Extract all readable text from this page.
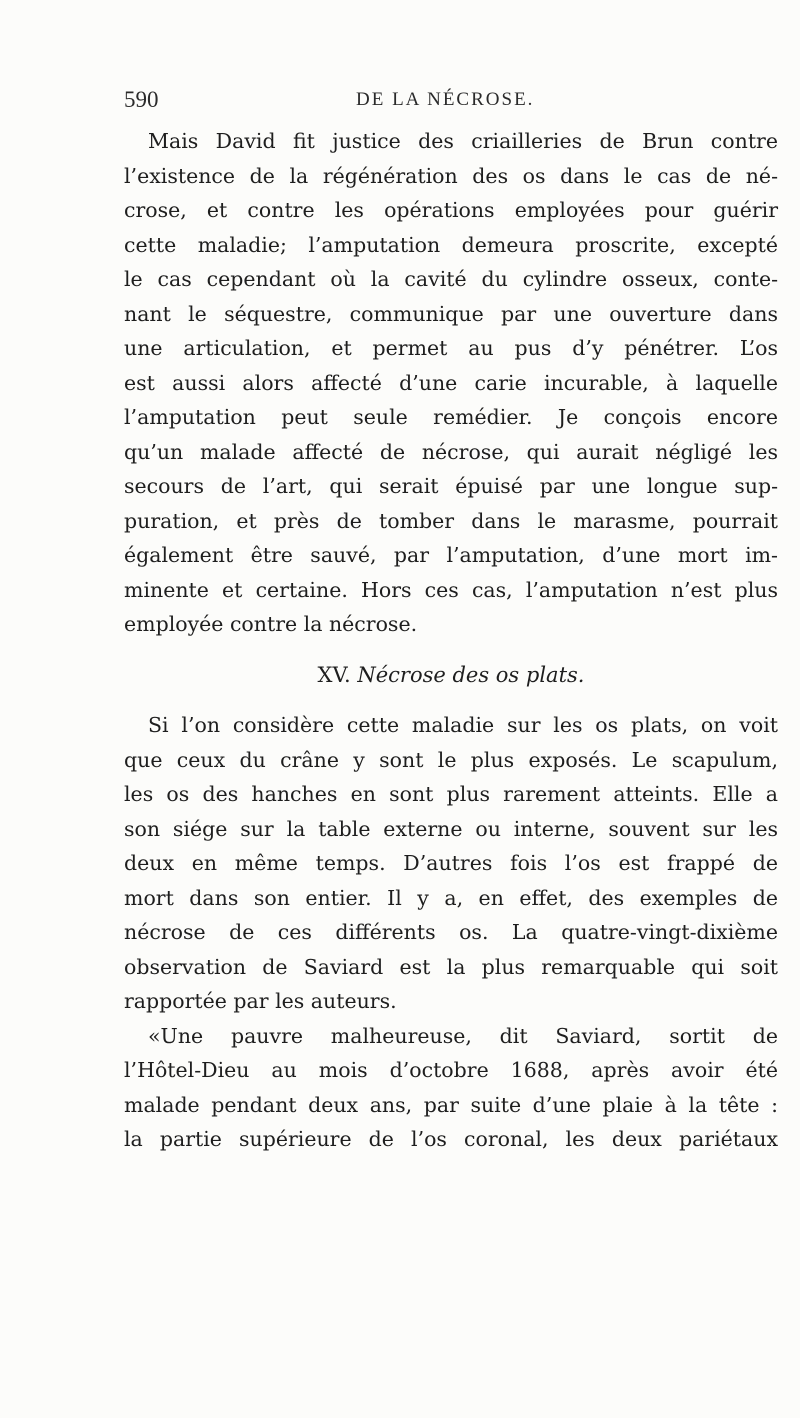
590	DE LA NÉCROSE.
Mais David fit justice des criailleries de Brun contre
l’existence de la régénération des os dans le cas de né-
crose, et contre les opérations employées pour guérir
cette maladie; l’amputation demeura proscrite, excepté
le cas cependant où la cavité du cylindre osseux, conte-
nant le séquestre, communique par une ouverture dans
une articulation, et permet au pus d’y pénétrer. L’os
est aussi alors affecté d’une carie incurable, à laquelle
l’amputation peut seule remédier. Je conçois encore
qu’un malade affecté de nécrose, qui aurait négligé les
secours de l’art, qui serait épuisé par une longue sup-
puration, et près de tomber dans le marasme, pourrait
également être sauvé, par l’amputation, d’une mort im-
minente et certaine. Hors ces cas, l’amputation n’est plus
employée contre la nécrose.
XV. Nécrose des os plats.
Si l’on considère cette maladie sur les os plats, on voit
que ceux du crâne y sont le plus exposés. Le scapulum,
les os des hanches en sont plus rarement atteints. Elle a
son siége sur la table externe ou interne, souvent sur les
deux en même temps. D’autres fois l’os est frappé de
mort dans son entier. Il y a, en effet, des exemples de
nécrose de ces différents os. La quatre-vingt-dixième
observation de Saviard est la plus remarquable qui soit
rapportée par les auteurs.
«Une pauvre malheureuse, dit Saviard, sortit de
l’Hôtel-Dieu au mois d’octobre 1688, après avoir été
malade pendant deux ans, par suite d’une plaie à la tête :
la partie supérieure de l’os coronal, les deux pariétaux
